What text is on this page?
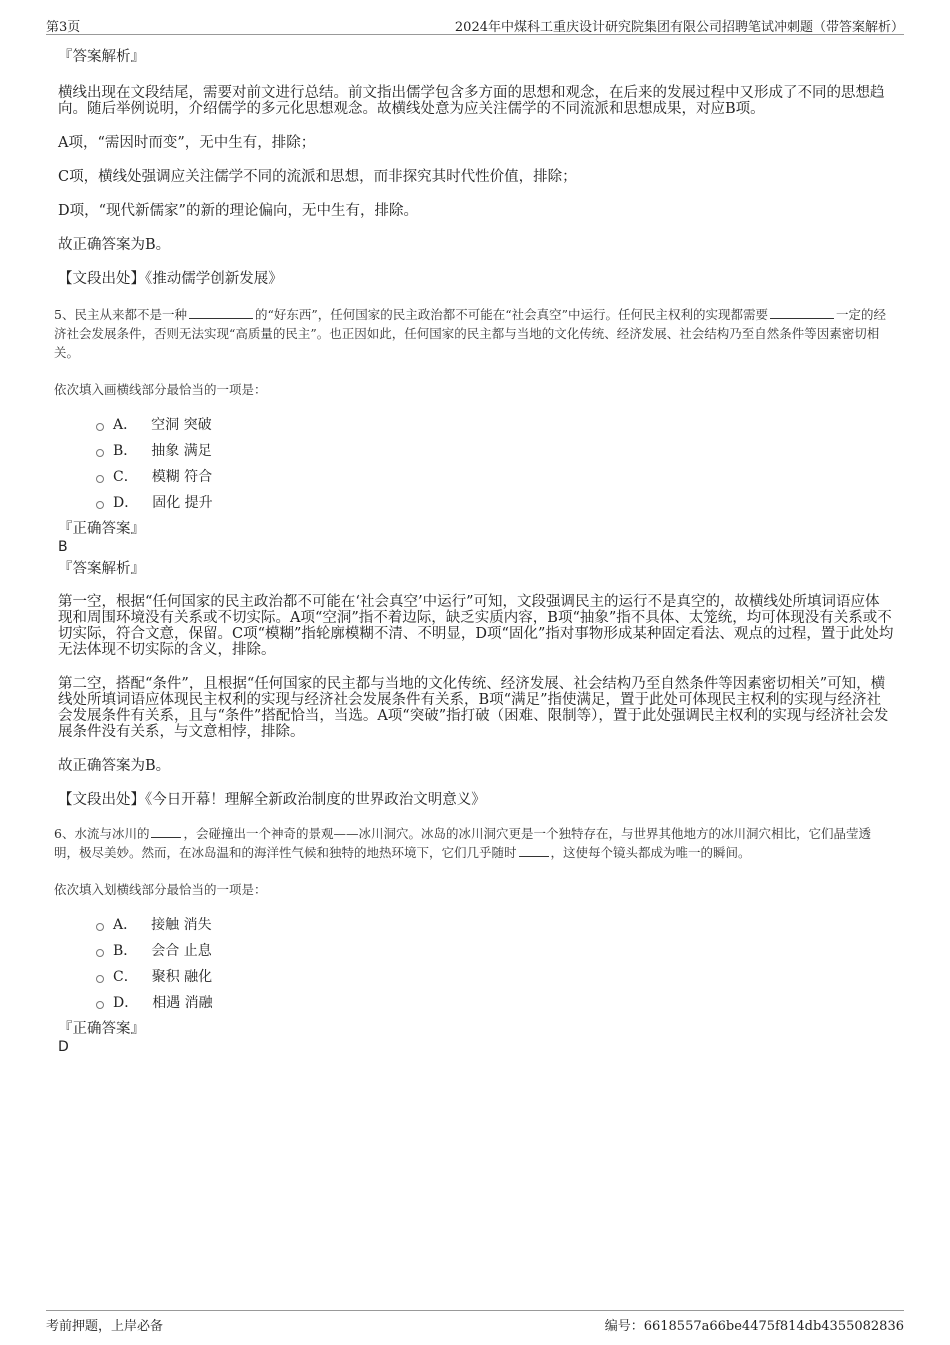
第3页	2024年中煤科工重庆设计研究院集团有限公司招聘笔试冲刺题（带答案解析）
『答案解析』

横线出现在文段结尾，需要对前文进行总结。前文指出儒学包含多方面的思想和观念，在后来的发展过程中又形成了不同的思想趋向。随后举例说明，介绍儒学的多元化思想观念。故横线处意为应关注儒学的不同流派和思想成果，对应B项。

A项，“需因时而变”，无中生有，排除；

C项，横线处强调应关注儒学不同的流派和思想，而非探究其时代性价值，排除；

D项，“现代新儒家”的新的理论偏向，无中生有，排除。

故正确答案为B。

【文段出处】《推动儒学创新发展》

5、民主从来都不是一种	的“好东西”，任何国家的民主政治都不可能在“社会真空”中运行。任何民主权利的实现都需要	一定的经济社会发展条件，否则无法实现“高质量的民主”。也正因如此，任何国家的民主都与当地的文化传统、经济发展、社会结构乃至自然条件等因素密切相关。
依次填入画横线部分最恰当的一项是：
A． 空洞 突破
B． 抽象 满足
C． 模糊 符合
D． 固化 提升
『正确答案』
B
『答案解析』

第一空，根据“任何国家的民主政治都不可能在‘社会真空’中运行”可知，文段强调民主的运行不是真空的，故横线处所填词语应体现和周围环境没有关系或不切实际。A项“空洞”指不着边际，缺乏实质内容，B项“抽象”指不具体、太笼统，均可体现没有关系或不切实际，符合文意，保留。C项“模糊”指轮廓模糊不清、不明显，D项“固化”指对事物形成某种固定看法、观点的过程，置于此处均无法体现不切实际的含义，排除。

第二空，搭配“条件”，且根据“任何国家的民主都与当地的文化传统、经济发展、社会结构乃至自然条件等因素密切相关”可知，横线处所填词语应体现民主权利的实现与经济社会发展条件有关系，B项“满足”指使满足，置于此处可体现民主权利的实现与经济社会发展条件有关系，且与“条件”搭配恰当，当选。A项“突破”指打破（困难、限制等），置于此处强调民主权利的实现与经济社会发展条件没有关系，与文意相悖，排除。

故正确答案为B。

【文段出处】《今日开幕！理解全新政治制度的世界政治文明意义》

6、水流与冰川的	，会碰撞出一个神奇的景观——冰川洞穴。冰岛的冰川洞穴更是一个独特存在，与世界其他地方的冰川洞穴相比，它们晶莹透明，极尽美妙。然而，在冰岛温和的海洋性气候和独特的地热环境下，它们几乎随时	，这使每个镜头都成为唯一的瞬间。
依次填入划横线部分最恰当的一项是：
A． 接触 消失
B． 会合 止息
C． 聚积 融化
D． 相遇 消融
『正确答案』
D
考前押题，上岸必备	编号：6618557a66be4475f814db4355082836
